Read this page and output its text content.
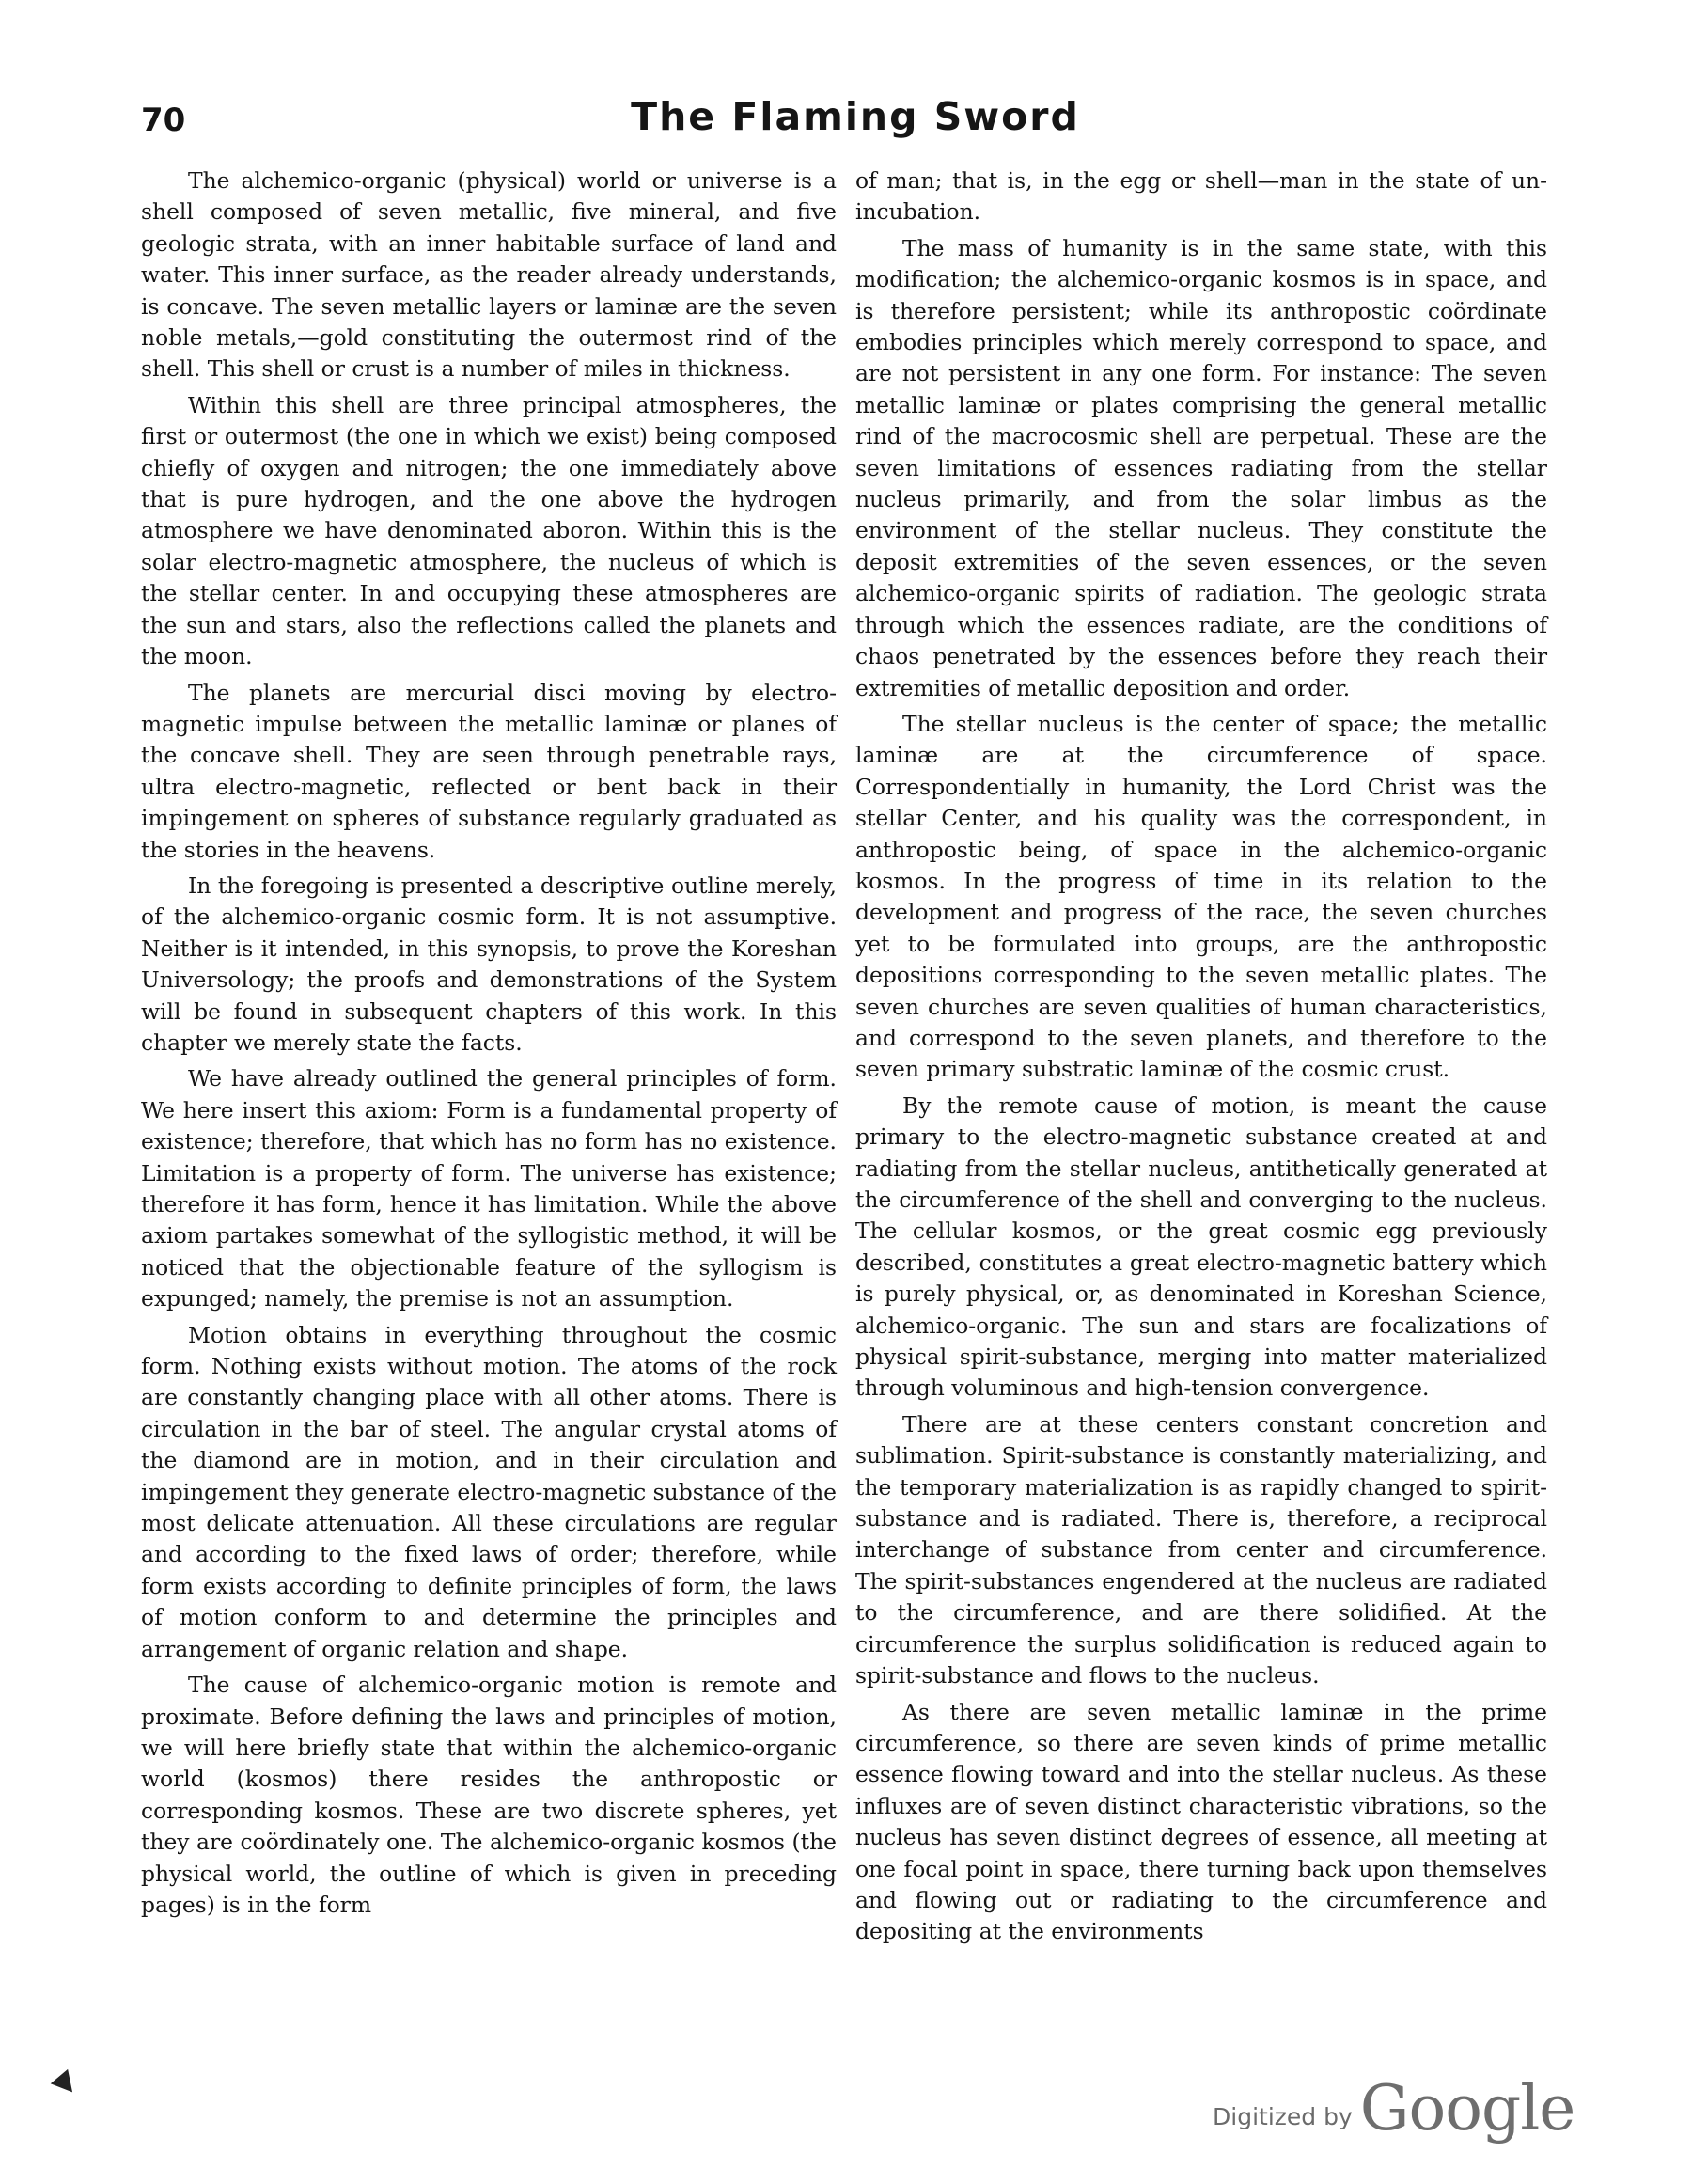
70	The Flaming Sword

The alchemico-organic (physical) world or universe is a shell composed of seven metallic, five mineral, and five geologic strata, with an inner habitable surface of land and water. This inner surface, as the reader already understands, is concave. The seven metallic layers or laminæ are the seven noble metals,—gold constituting the outermost rind of the shell. This shell or crust is a number of miles in thickness.

Within this shell are three principal atmospheres, the first or outermost (the one in which we exist) being composed chiefly of oxygen and nitrogen; the one immediately above that is pure hydrogen, and the one above the hydrogen atmosphere we have denominated aboron. Within this is the solar electro-magnetic atmosphere, the nucleus of which is the stellar center. In and occupying these atmospheres are the sun and stars, also the reflections called the planets and the moon.

The planets are mercurial disci moving by electro-magnetic impulse between the metallic laminæ or planes of the concave shell. They are seen through penetrable rays, ultra electro-magnetic, reflected or bent back in their impingement on spheres of substance regularly graduated as the stories in the heavens.

In the foregoing is presented a descriptive outline merely, of the alchemico-organic cosmic form. It is not assumptive. Neither is it intended, in this synopsis, to prove the Koreshan Universology; the proofs and demonstrations of the System will be found in subsequent chapters of this work. In this chapter we merely state the facts.

We have already outlined the general principles of form. We here insert this axiom: Form is a fundamental property of existence; therefore, that which has no form has no existence. Limitation is a property of form. The universe has existence; therefore it has form, hence it has limitation. While the above axiom partakes somewhat of the syllogistic method, it will be noticed that the objectionable feature of the syllogism is expunged; namely, the premise is not an assumption.

Motion obtains in everything throughout the cosmic form. Nothing exists without motion. The atoms of the rock are constantly changing place with all other atoms. There is circulation in the bar of steel. The angular crystal atoms of the diamond are in motion, and in their circulation and impingement they generate electro-magnetic substance of the most delicate attenuation. All these circulations are regular and according to the fixed laws of order; therefore, while form exists according to definite principles of form, the laws of motion conform to and determine the principles and arrangement of organic relation and shape.

The cause of alchemico-organic motion is remote and proximate. Before defining the laws and principles of motion, we will here briefly state that within the alchemico-organic world (kosmos) there resides the anthropostic or corresponding kosmos. These are two discrete spheres, yet they are coördinately one. The alchemico-organic kosmos (the physical world, the outline of which is given in preceding pages) is in the form

of man; that is, in the egg or shell—man in the state of un-incubation.

The mass of humanity is in the same state, with this modification; the alchemico-organic kosmos is in space, and is therefore persistent; while its anthropostic coördinate embodies principles which merely correspond to space, and are not persistent in any one form. For instance: The seven metallic laminæ or plates comprising the general metallic rind of the macrocosmic shell are perpetual. These are the seven limitations of essences radiating from the stellar nucleus primarily, and from the solar limbus as the environment of the stellar nucleus. They constitute the deposit extremities of the seven essences, or the seven alchemico-organic spirits of radiation. The geologic strata through which the essences radiate, are the conditions of chaos penetrated by the essences before they reach their extremities of metallic deposition and order.

The stellar nucleus is the center of space; the metallic laminæ are at the circumference of space. Correspondentially in humanity, the Lord Christ was the stellar Center, and his quality was the correspondent, in anthropostic being, of space in the alchemico-organic kosmos. In the progress of time in its relation to the development and progress of the race, the seven churches yet to be formulated into groups, are the anthropostic depositions corresponding to the seven metallic plates. The seven churches are seven qualities of human characteristics, and correspond to the seven planets, and therefore to the seven primary substratic laminæ of the cosmic crust.

By the remote cause of motion, is meant the cause primary to the electro-magnetic substance created at and radiating from the stellar nucleus, antithetically generated at the circumference of the shell and converging to the nucleus. The cellular kosmos, or the great cosmic egg previously described, constitutes a great electro-magnetic battery which is purely physical, or, as denominated in Koreshan Science, alchemico-organic. The sun and stars are focalizations of physical spirit-substance, merging into matter materialized through voluminous and high-tension convergence.

There are at these centers constant concretion and sublimation. Spirit-substance is constantly materializing, and the temporary materialization is as rapidly changed to spirit-substance and is radiated. There is, therefore, a reciprocal interchange of substance from center and circumference. The spirit-substances engendered at the nucleus are radiated to the circumference, and are there solidified. At the circumference the surplus solidification is reduced again to spirit-substance and flows to the nucleus.

As there are seven metallic laminæ in the prime circumference, so there are seven kinds of prime metallic essence flowing toward and into the stellar nucleus. As these influxes are of seven distinct characteristic vibrations, so the nucleus has seven distinct degrees of essence, all meeting at one focal point in space, there turning back upon themselves and flowing out or radiating to the circumference and depositing at the environments

Digitized by Google
